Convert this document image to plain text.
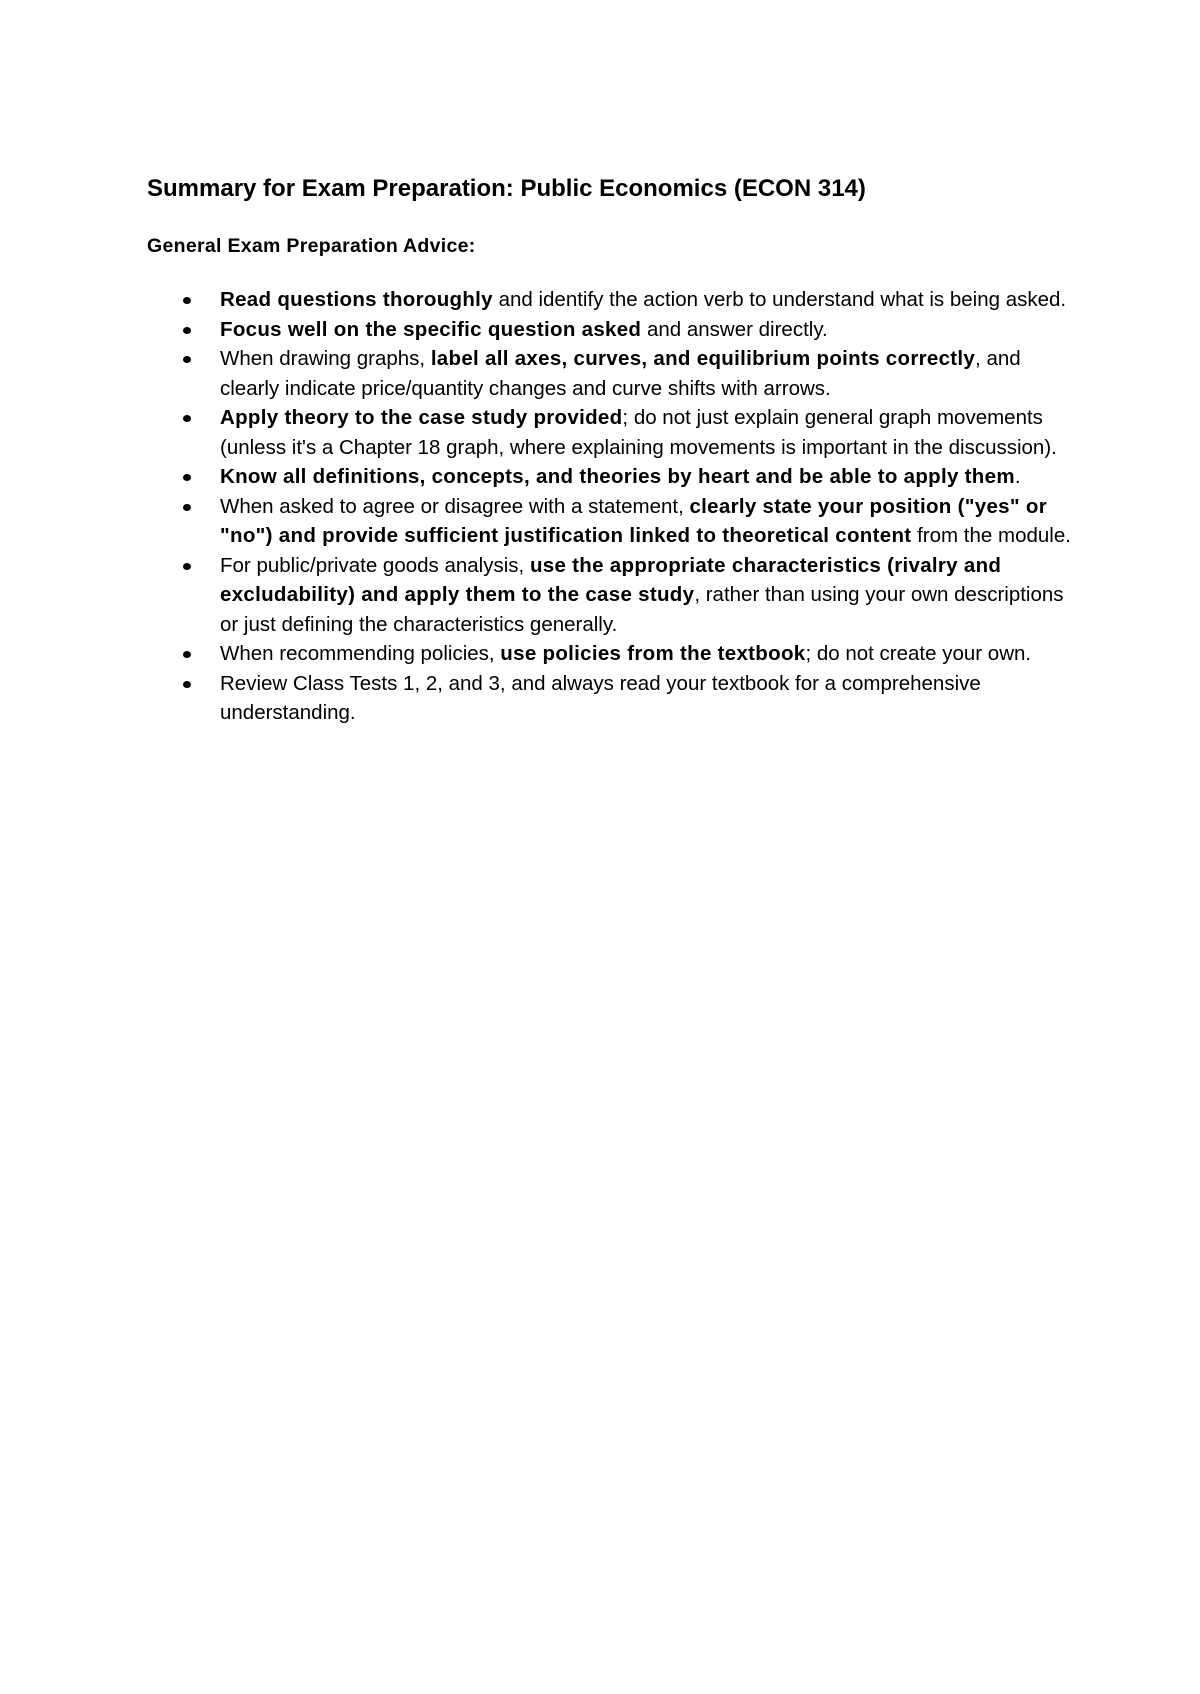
Summary for Exam Preparation: Public Economics (ECON 314)
General Exam Preparation Advice:
Read questions thoroughly and identify the action verb to understand what is being asked.
Focus well on the specific question asked and answer directly.
When drawing graphs, label all axes, curves, and equilibrium points correctly, and clearly indicate price/quantity changes and curve shifts with arrows.
Apply theory to the case study provided; do not just explain general graph movements (unless it's a Chapter 18 graph, where explaining movements is important in the discussion).
Know all definitions, concepts, and theories by heart and be able to apply them.
When asked to agree or disagree with a statement, clearly state your position ("yes" or "no") and provide sufficient justification linked to theoretical content from the module.
For public/private goods analysis, use the appropriate characteristics (rivalry and excludability) and apply them to the case study, rather than using your own descriptions or just defining the characteristics generally.
When recommending policies, use policies from the textbook; do not create your own.
Review Class Tests 1, 2, and 3, and always read your textbook for a comprehensive understanding.
